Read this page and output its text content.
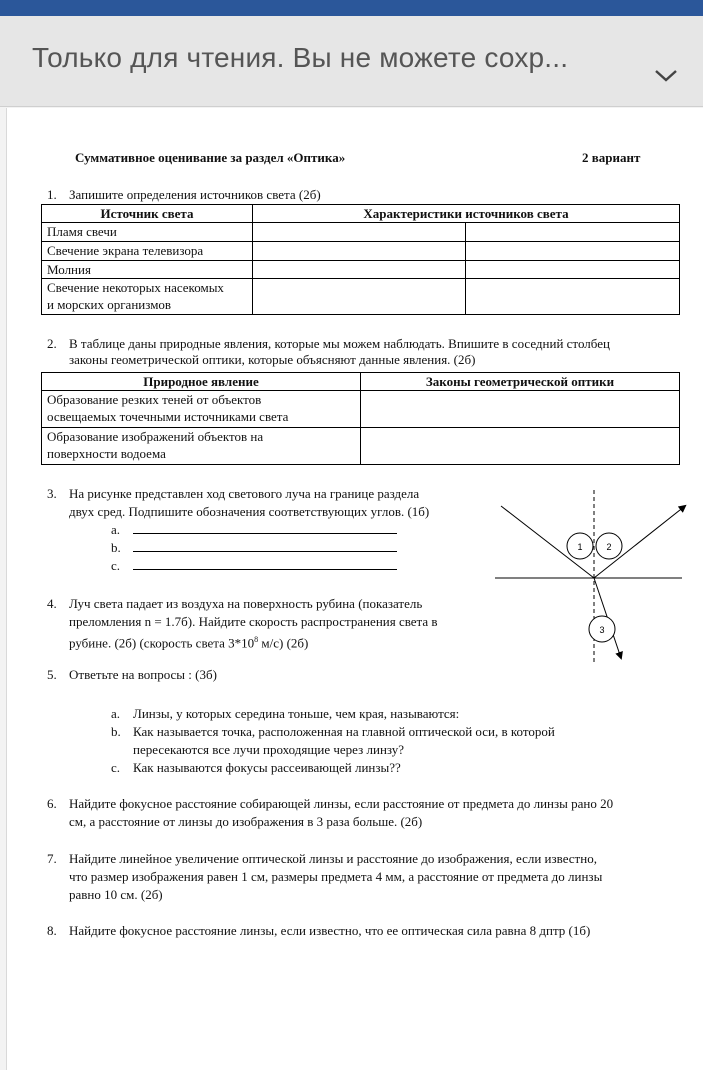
Только для чтения. Вы не можете сохр...
Суммативное оценивание за раздел «Оптика»	2 вариант
1. Запишите определения источников света (2б)
Источник света	Характеристики источников света	
Пламя свечи		
Свечение экрана телевизора		
Молния		
Свечение некоторых насекомых
и морских организмов		
2. В таблице даны природные явления, которые мы можем наблюдать. Впишите в соседний столбец
законы геометрической оптики, которые объясняют данные явления. (2б)
Природное явление	Законы геометрической оптики
Образование резких теней от объектов
освещаемых точечными источниками света	
Образование изображений объектов на
поверхности водоема	
3. На рисунке представлен ход светового луча на границе раздела
двух сред. Подпишите обозначения соответствующих углов. (1б)
a.
b.
c.
1	2
3
4. Луч света падает из воздуха на поверхность рубина (показатель
преломления n = 1.7б). Найдите скорость распространения света в
рубине. (2б) (скорость света $3*10^8$ м/с) (2б)
5. Ответьте на вопросы : (3б)
a. Линзы, у которых середина тоньше, чем края, называются:
b. Как называется точка, расположенная на главной оптической оси, в которой
пересекаются все лучи проходящие через линзу?
c. Как называются фокусы рассеивающей линзы??
6. Найдите фокусное расстояние собирающей линзы, если расстояние от предмета до линзы рано 20
см, а расстояние от линзы до изображения в 3 раза больше. (2б)
7. Найдите линейное увеличение оптической линзы и расстояние до изображения, если известно,
что размер изображения равен 1 см, размеры предмета 4 мм, а расстояние от предмета до линзы
равно 10 см. (2б)
8. Найдите фокусное расстояние линзы, если известно, что ее оптическая сила равна 8 дптр (1б)
